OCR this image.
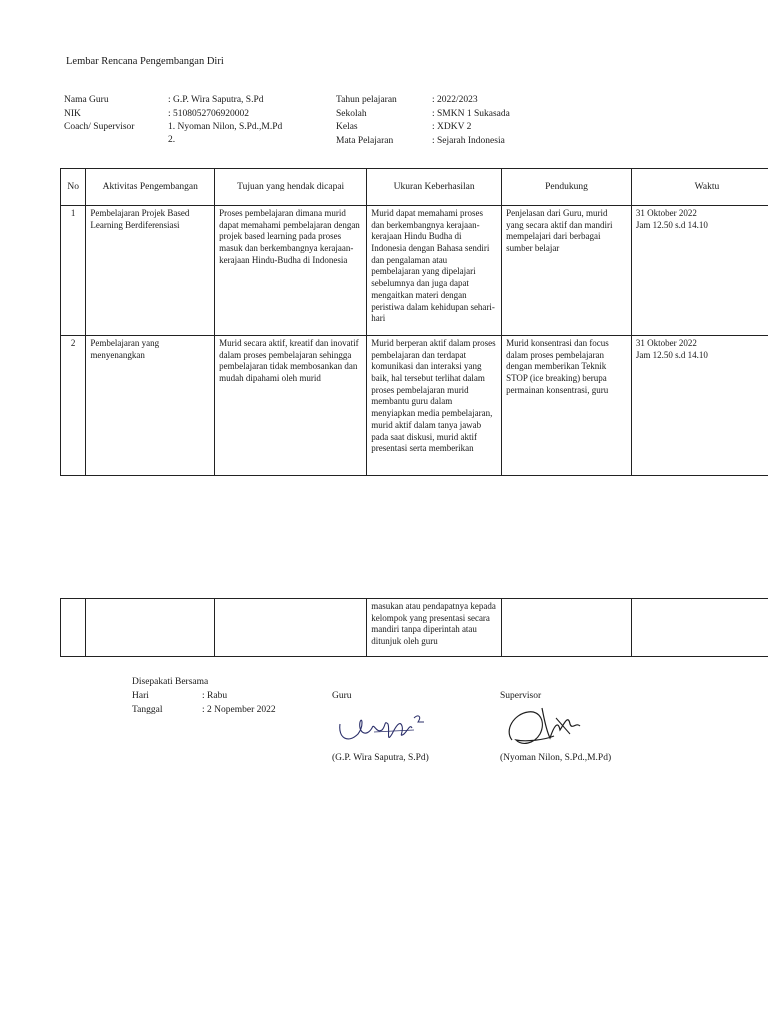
Lembar Rencana Pengembangan Diri
Nama Guru	: G.P. Wira Saputra, S.Pd
NIK	: 5108052706920002
Coach/ Supervisor	1. Nyoman Nilon, S.Pd.,M.Pd
2.
Tahun pelajaran	: 2022/2023
Sekolah	: SMKN 1 Sukasada
Kelas	: XDKV 2
Mata Pelajaran	: Sejarah Indonesia
No	Aktivitas Pengembangan	Tujuan yang hendak dicapai	Ukuran Keberhasilan	Pendukung	Waktu
1	Pembelajaran Projek Based Learning Berdiferensiasi	Proses pembelajaran dimana murid dapat memahami pembelajaran dengan projek based learning pada proses masuk dan berkembangnya kerajaan-kerajaan Hindu-Budha di Indonesia	Murid dapat memahami proses dan berkembangnya kerajaan-kerajaan Hindu Budha di Indonesia dengan Bahasa sendiri dan pengalaman atau pembelajaran yang dipelajari sebelumnya dan juga dapat mengaitkan materi dengan peristiwa dalam kehidupan sehari-hari	Penjelasan dari Guru, murid yang secara aktif dan mandiri mempelajari dari berbagai sumber belajar	31 Oktober 2022
Jam 12.50 s.d 14.10

2	Pembelajaran yang menyenangkan	Murid secara aktif, kreatif dan inovatif dalam proses pembelajaran sehingga pembelajaran tidak membosankan dan mudah dipahami oleh murid	Murid berperan aktif dalam proses pembelajaran dan terdapat komunikasi dan interaksi yang baik, hal tersebut terlihat dalam proses pembelajaran murid membantu guru dalam menyiapkan media pembelajaran, murid aktif dalam tanya jawab pada saat diskusi, murid aktif presentasi serta memberikan	Murid konsentrasi dan focus dalam proses pembelajaran dengan memberikan Teknik STOP (ice breaking) berupa permainan konsentrasi, guru	31 Oktober 2022
Jam 12.50 s.d 14.10
			masukan atau pendapatnya kepada kelompok yang presentasi secara mandiri tanpa diperintah atau ditunjuk oleh guru		
Disepakati Bersama
Hari	: Rabu
Tanggal	: 2 Nopember 2022
Guru	Supervisor
(G.P. Wira Saputra, S.Pd)	(Nyoman Nilon, S.Pd.,M.Pd)
